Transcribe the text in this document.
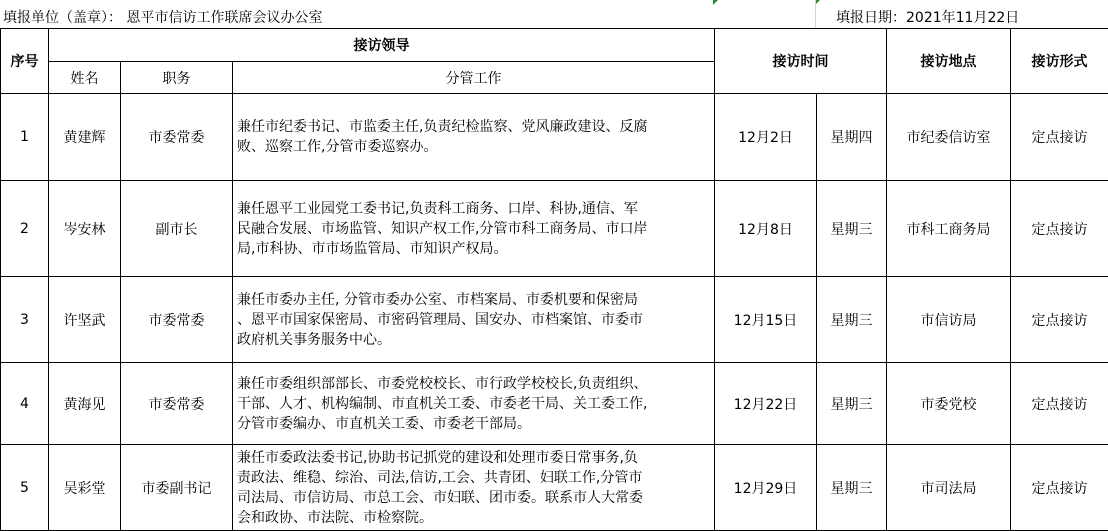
填报单位（盖章）： 恩平市信访工作联席会议办公室	填报日期：2021年11月22日
序号	接访领导			接访时间		接访地点	接访形式
	姓名	职务	分管工作				
1	黄建辉	市委常委	兼任市纪委书记、市监委主任,负责纪检监察、党风廉政建设、反腐
败、巡察工作,分管市委巡察办。	12月2日	星期四	市纪委信访室	定点接访
2	岑安林	副市长	兼任恩平工业园党工委书记,负责科工商务、口岸、科协,通信、军
民融合发展、市场监管、知识产权工作,分管市科工商务局、市口岸
局,市科协、市市场监管局、市知识产权局。	12月8日	星期三	市科工商务局	定点接访
3	许坚武	市委常委	兼任市委办主任, 分管市委办公室、市档案局、市委机要和保密局
、恩平市国家保密局、市密码管理局、国安办、市档案馆、市委市
政府机关事务服务中心。	12月15日	星期三	市信访局	定点接访
4	黄海见	市委常委	兼任市委组织部部长、市委党校校长、市行政学校校长,负责组织、
干部、人才、机构编制、市直机关工委、市委老干局、关工委工作,
分管市委编办、市直机关工委、市委老干部局。	12月22日	星期三	市委党校	定点接访
5	吴彩堂	市委副书记	兼任市委政法委书记,协助书记抓党的建设和处理市委日常事务,负
责政法、维稳、综治、司法,信访,工会、共青团、妇联工作,分管市
司法局、市信访局、市总工会、市妇联、团市委。联系市人大常委
会和政协、市法院、市检察院。	12月29日	星期三	市司法局	定点接访
